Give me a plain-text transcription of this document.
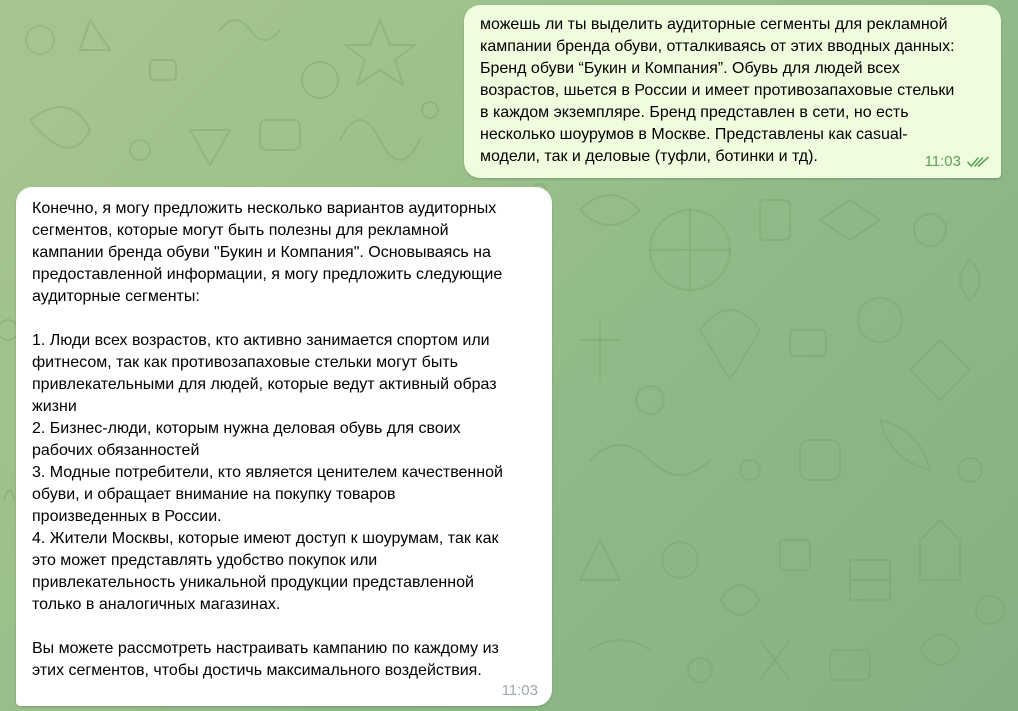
можешь ли ты выделить аудиторные сегменты для рекламной
кампании бренда обуви, отталкиваясь от этих вводных данных:
Бренд обуви “Букин и Компания”. Обувь для людей всех
возрастов, шьется в России и имеет противозапаховые стельки
в каждом экземпляре. Бренд представлен в сети, но есть
несколько шоурумов в Москве. Представлены как casual-
модели, так и деловые (туфли, ботинки и тд).	11:03

Конечно, я могу предложить несколько вариантов аудиторных
сегментов, которые могут быть полезны для рекламной
кампании бренда обуви "Букин и Компания". Основываясь на
предоставленной информации, я могу предложить следующие
аудиторные сегменты:

1. Люди всех возрастов, кто активно занимается спортом или
фитнесом, так как противозапаховые стельки могут быть
привлекательными для людей, которые ведут активный образ
жизни
2. Бизнес-люди, которым нужна деловая обувь для своих
рабочих обязанностей
3. Модные потребители, кто является ценителем качественной
обуви, и обращает внимание на покупку товаров
произведенных в России.
4. Жители Москвы, которые имеют доступ к шоурумам, так как
это может представлять удобство покупок или
привлекательность уникальной продукции представленной
только в аналогичных магазинах.

Вы можете рассмотреть настраивать кампанию по каждому из
этих сегментов, чтобы достичь максимального воздействия.

11:03
